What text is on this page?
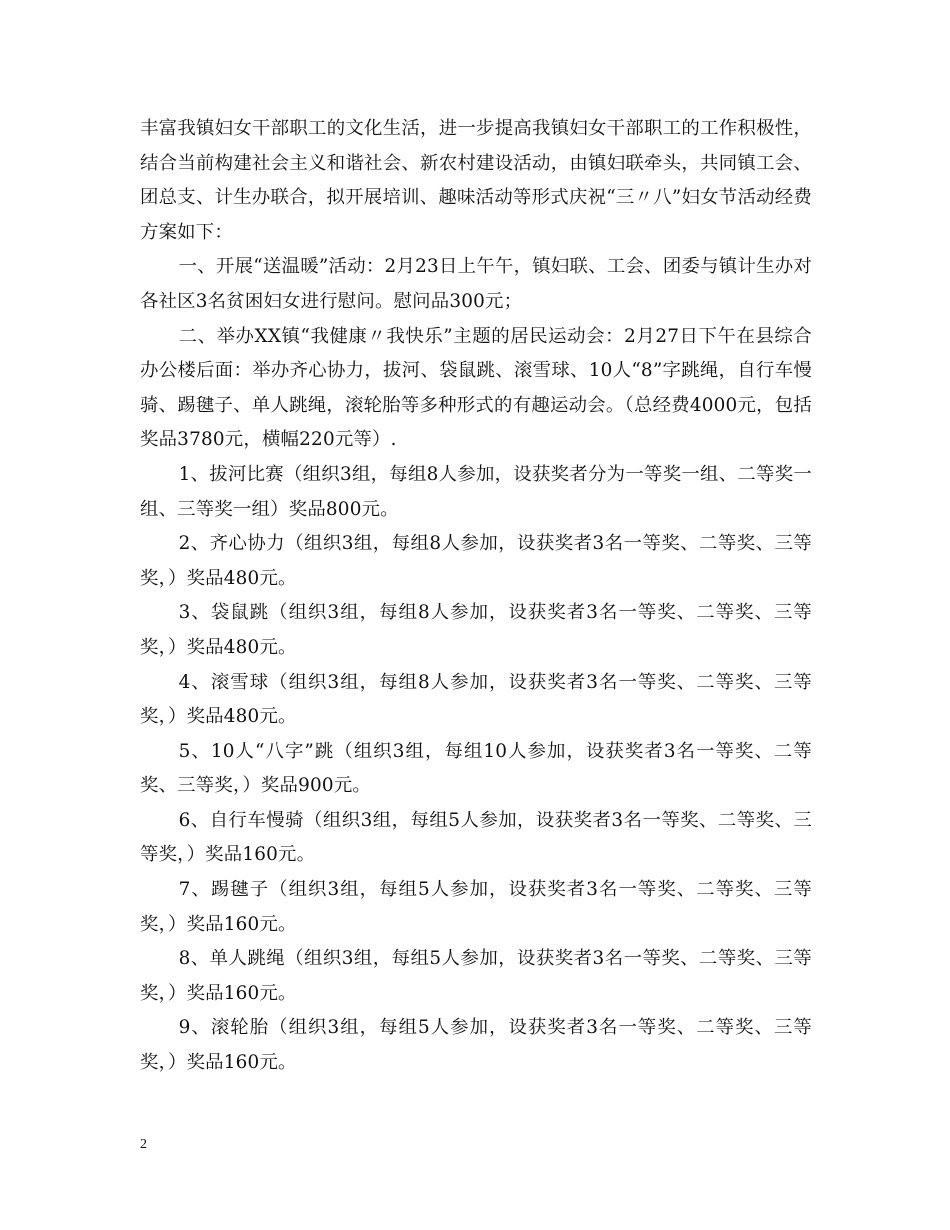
丰富我镇妇女干部职工的文化生活，进一步提高我镇妇女干部职工的工作积极性，结合当前构建社会主义和谐社会、新农村建设活动，由镇妇联牵头，共同镇工会、团总支、计生办联合，拟开展培训、趣味活动等形式庆祝“三〃八”妇女节活动经费方案如下：

一、开展“送温暖”活动：2月23日上午午，镇妇联、工会、团委与镇计生办对各社区3名贫困妇女进行慰问。慰问品300元；

二、举办XX镇“我健康〃我快乐”主题的居民运动会：2月27日下午在县综合办公楼后面：举办齐心协力，拔河、袋鼠跳、滚雪球、10人“8”字跳绳，自行车慢骑、踢毽子、单人跳绳，滚轮胎等多种形式的有趣运动会。（总经费4000元，包括奖品3780元，横幅220元等）.

1、拔河比赛（组织3组，每组8人参加，设获奖者分为一等奖一组、二等奖一组、三等奖一组）奖品800元。

2、齐心协力（组织3组，每组8人参加，设获奖者3名一等奖、二等奖、三等奖，）奖品480元。

3、袋鼠跳（组织3组，每组8人参加，设获奖者3名一等奖、二等奖、三等奖，）奖品480元。

4、滚雪球（组织3组，每组8人参加，设获奖者3名一等奖、二等奖、三等奖，）奖品480元。

5、10人“八字”跳（组织3组，每组10人参加，设获奖者3名一等奖、二等奖、三等奖，）奖品900元。

6、自行车慢骑（组织3组，每组5人参加，设获奖者3名一等奖、二等奖、三等奖，）奖品160元。

7、踢毽子（组织3组，每组5人参加，设获奖者3名一等奖、二等奖、三等奖，）奖品160元。

8、单人跳绳（组织3组，每组5人参加，设获奖者3名一等奖、二等奖、三等奖，）奖品160元。

9、滚轮胎（组织3组，每组5人参加，设获奖者3名一等奖、二等奖、三等奖，）奖品160元。

2
